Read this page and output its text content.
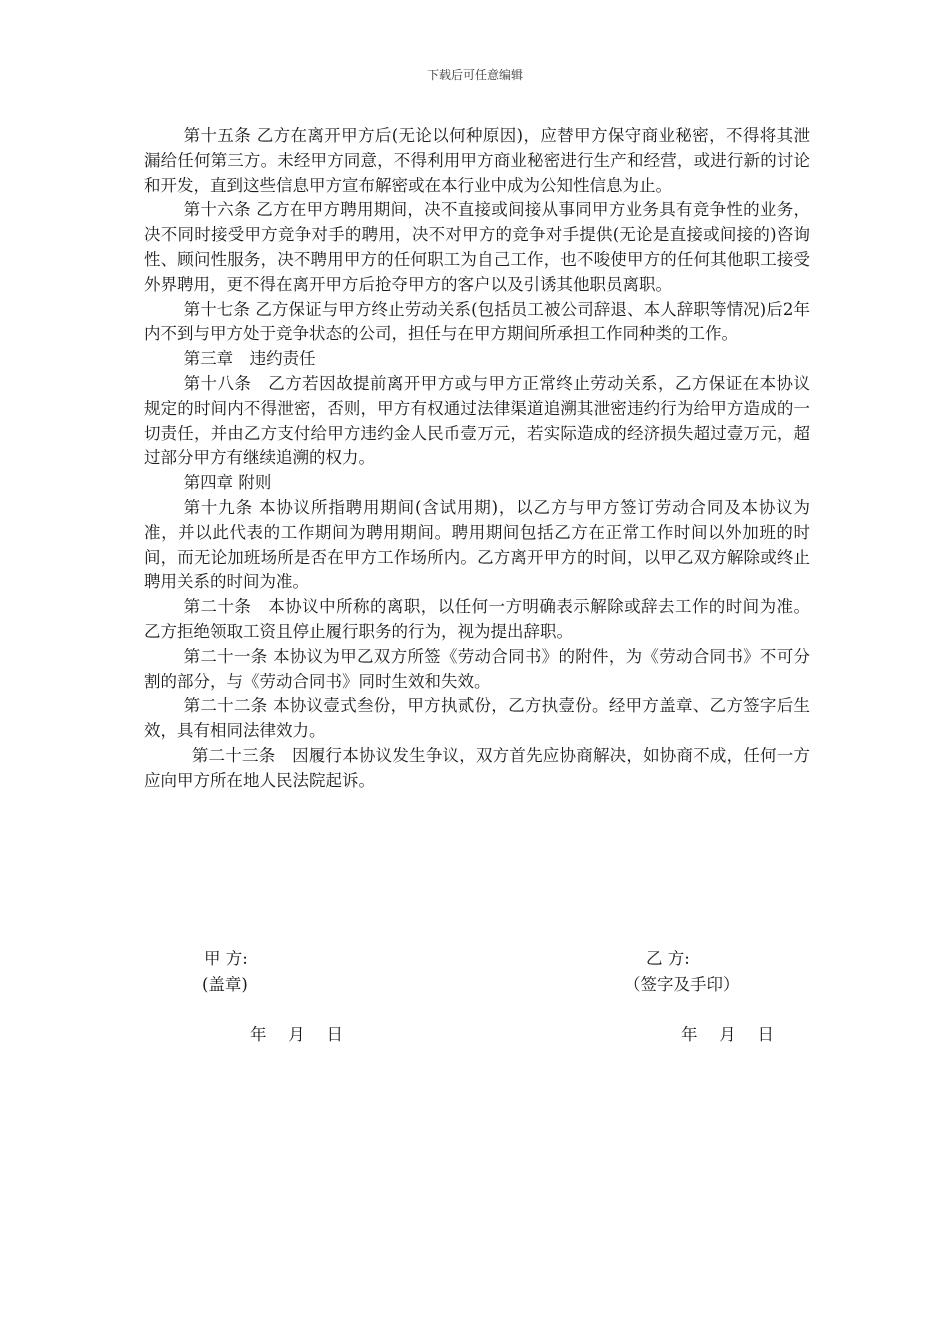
下载后可任意编辑

第十五条 乙方在离开甲方后(无论以何种原因)，应替甲方保守商业秘密，不得将其泄漏给任何第三方。未经甲方同意，不得利用甲方商业秘密进行生产和经营，或进行新的讨论和开发，直到这些信息甲方宣布解密或在本行业中成为公知性信息为止。

第十六条 乙方在甲方聘用期间，决不直接或间接从事同甲方业务具有竞争性的业务，决不同时接受甲方竞争对手的聘用，决不对甲方的竞争对手提供(无论是直接或间接的)咨询性、顾问性服务，决不聘用甲方的任何职工为自己工作，也不唆使甲方的任何其他职工接受外界聘用，更不得在离开甲方后抢夺甲方的客户以及引诱其他职员离职。

第十七条 乙方保证与甲方终止劳动关系(包括员工被公司辞退、本人辞职等情况)后2年内不到与甲方处于竞争状态的公司，担任与在甲方期间所承担工作同种类的工作。

第三章　违约责任

第十八条　乙方若因故提前离开甲方或与甲方正常终止劳动关系，乙方保证在本协议规定的时间内不得泄密，否则，甲方有权通过法律渠道追溯其泄密违约行为给甲方造成的一切责任，并由乙方支付给甲方违约金人民币壹万元，若实际造成的经济损失超过壹万元，超过部分甲方有继续追溯的权力。

第四章 附则

第十九条 本协议所指聘用期间(含试用期)，以乙方与甲方签订劳动合同及本协议为准，并以此代表的工作期间为聘用期间。聘用期间包括乙方在正常工作时间以外加班的时间，而无论加班场所是否在甲方工作场所内。乙方离开甲方的时间，以甲乙双方解除或终止聘用关系的时间为准。

第二十条　本协议中所称的离职，以任何一方明确表示解除或辞去工作的时间为准。乙方拒绝领取工资且停止履行职务的行为，视为提出辞职。

第二十一条 本协议为甲乙双方所签《劳动合同书》的附件，为《劳动合同书》不可分割的部分，与《劳动合同书》同时生效和失效。

第二十二条 本协议壹式叁份，甲方执贰份，乙方执壹份。经甲方盖章、乙方签字后生效，具有相同法律效力。

第二十三条　因履行本协议发生争议，双方首先应协商解决，如协商不成，任何一方应向甲方所在地人民法院起诉。

甲 方:
(盖章)
乙 方:
（签字及手印）
年　 月　 日	年　 月　 日
